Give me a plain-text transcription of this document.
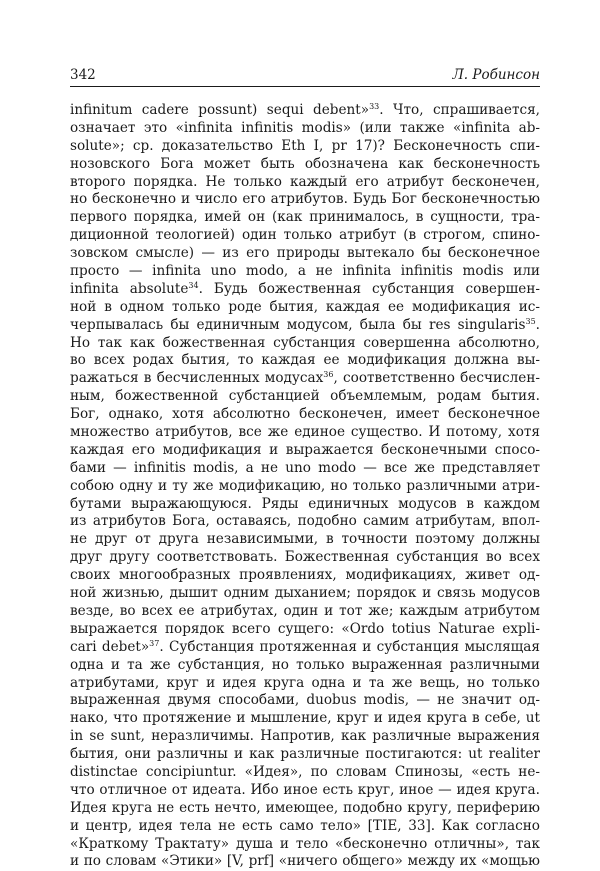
342	Л. Робинсон
infinitum cadere possunt) sequi debent»$^{33}$. Что, спрашивается,
означает это «infinita infinitis modis» (или также «infinita ab-
solute»; ср. доказательство Eth I, pr 17)? Бесконечность спи-
нозовского Бога может быть обозначена как бесконечность
второго порядка. Не только каждый его атрибут бесконечен,
но бесконечно и число его атрибутов. Будь Бог бесконечностью
первого порядка, имей он (как принималось, в сущности, тра-
диционной теологией) один только атрибут (в строгом, спино-
зовском смысле) — из его природы вытекало бы бесконечное
просто — infinita uno modo, а не infinita infinitis modis или
infinita absolute$^{34}$. Будь божественная субстанция совершен-
ной в одном только роде бытия, каждая ее модификация ис-
черпывалась бы единичным модусом, была бы res singularis$^{35}$.
Но так как божественная субстанция совершенна абсолютно,
во всех родах бытия, то каждая ее модификация должна вы-
ражаться в бесчисленных модусах$^{36}$, соответственно бесчислен-
ным, божественной субстанцией объемлемым, родам бытия.
Бог, однако, хотя абсолютно бесконечен, имеет бесконечное
множество атрибутов, все же единое существо. И потому, хотя
каждая его модификация и выражается бесконечными спосо-
бами — infinitis modis, а не uno modo — все же представляет
собою одну и ту же модификацию, но только различными атри-
бутами выражающуюся. Ряды единичных модусов в каждом
из атрибутов Бога, оставаясь, подобно самим атрибутам, впол-
не друг от друга независимыми, в точности поэтому должны
друг другу соответствовать. Божественная субстанция во всех
своих многообразных проявлениях, модификациях, живет од-
ной жизнью, дышит одним дыханием; порядок и связь модусов
везде, во всех ее атрибутах, один и тот же; каждым атрибутом
выражается порядок всего сущего: «Ordo totius Naturae expli-
cari debet»$^{37}$. Субстанция протяженная и субстанция мыслящая
одна и та же субстанция, но только выраженная различными
атрибутами, круг и идея круга одна и та же вещь, но только
выраженная двумя способами, duobus modis, — не значит од-
нако, что протяжение и мышление, круг и идея круга в себе, ut
in se sunt, неразличимы. Напротив, как различные выражения
бытия, они различны и как различные постигаются: ut realiter
distinctae concipiuntur. «Идея», по словам Спинозы, «есть не-
что отличное от идеата. Ибо иное есть круг, иное — идея круга.
Идея круга не есть нечто, имеющее, подобно кругу, периферию
и центр, идея тела не есть само тело» [TIE, 33]. Как согласно
«Краткому Трактату» душа и тело «бесконечно отличны», так
и по словам «Этики» [V, prf] «ничего общего» между их «мощью
